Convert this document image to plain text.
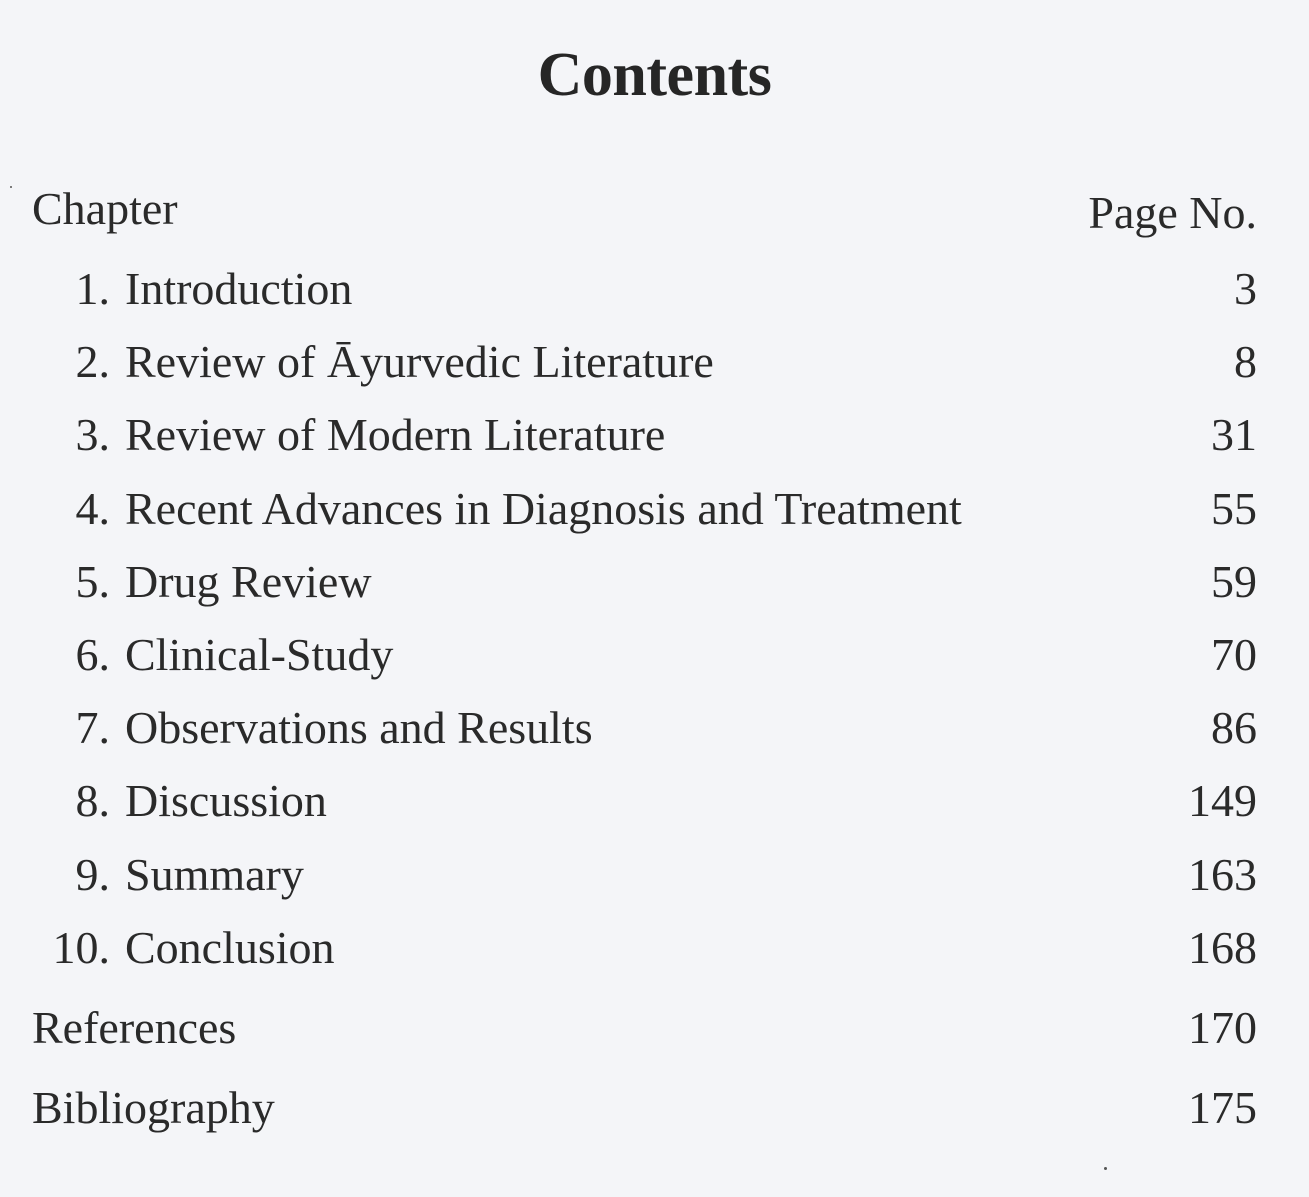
Contents
Chapter	Page No.
1. Introduction	3
2. Review of Āyurvedic Literature	8
3. Review of Modern Literature	31
4. Recent Advances in Diagnosis and Treatment	55
5. Drug Review	59
6. Clinical-Study	70
7. Observations and Results	86
8. Discussion	149
9. Summary	163
10. Conclusion	168
References	170
Bibliography	175
